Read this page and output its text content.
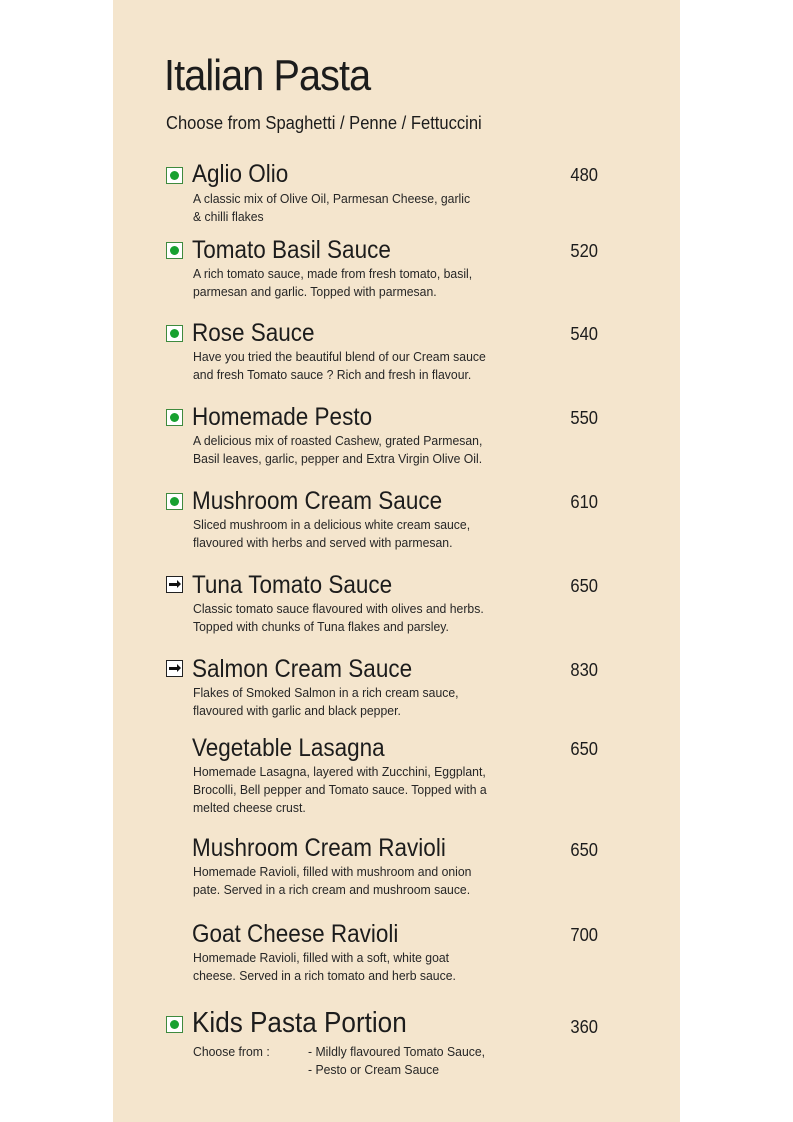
Italian Pasta
Choose from Spaghetti / Penne / Fettuccini
Aglio Olio	480
A classic mix of Olive Oil, Parmesan Cheese, garlic
& chilli flakes
Tomato Basil Sauce	520
A rich tomato sauce, made from fresh tomato, basil,
parmesan and garlic. Topped with parmesan.
Rose Sauce	540
Have you tried the beautiful blend of our Cream sauce
and fresh Tomato sauce ? Rich and fresh in flavour.
Homemade Pesto	550
A delicious mix of roasted Cashew, grated Parmesan,
Basil leaves, garlic, pepper and Extra Virgin Olive Oil.
Mushroom Cream Sauce	610
Sliced mushroom in a delicious white cream sauce,
flavoured with herbs and served with parmesan.
Tuna Tomato Sauce	650
Classic tomato sauce flavoured with olives and herbs.
Topped with chunks of Tuna flakes and parsley.
Salmon Cream Sauce	830
Flakes of Smoked Salmon in a rich cream sauce,
flavoured with garlic and black pepper.
Vegetable Lasagna	650
Homemade Lasagna, layered with Zucchini, Eggplant,
Brocolli, Bell pepper and Tomato sauce. Topped with a
melted cheese crust.
Mushroom Cream Ravioli	650
Homemade Ravioli, filled with mushroom and onion
pate. Served in a rich cream and mushroom sauce.
Goat Cheese Ravioli	700
Homemade Ravioli, filled with a soft, white goat
cheese. Served in a rich tomato and herb sauce.
Kids Pasta Portion	360
Choose from :	- Mildly flavoured Tomato Sauce,
- Pesto or Cream Sauce
